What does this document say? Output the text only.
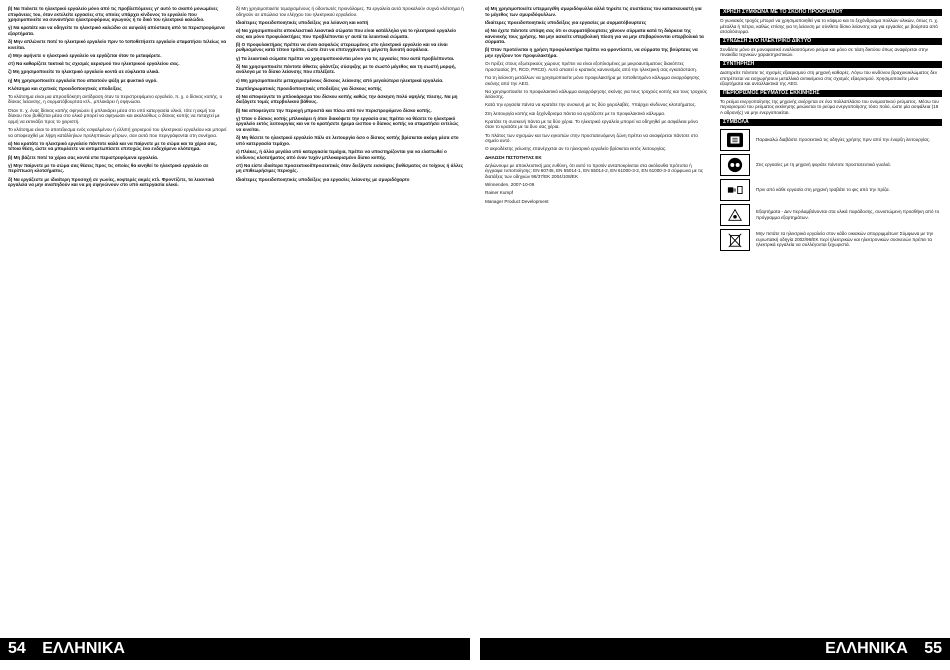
β) Να πιάνετε το ηλεκτρικό εργαλείο μόνο από τις προβλεπόμενες γι' αυτό το σκοπό μονωμένες επιφάνειες του, όταν εκτελείτε εργασίες στις οποίες υπάρχει κίνδυνος το εργαλείο που χρησιμοποιείτε να συναντήσει ηλεκτροφόρους αγωγούς ή το δικό του ηλεκτρικό καλώδιο.

γ) Να κρατάτε και να οδηγείτε το ηλεκτρικό καλώδιο σε ασφαλή απόσταση από τα περιστρεφόμενα εξαρτήματα.

δ) Μην απλώνετε ποτέ το ηλεκτρικό εργαλείο πριν το τοποθετήσετε εργαλείο σταματήσει τελείως να κινείται.

ε) Μην αφήνετε ο ηλεκτρικό εργαλείο να εργάζεται όταν το μεταφέρετε.

στ) Να καθαρίζετε τακτικά τις σχισμές αερισμού του ηλεκτρικού εργαλείου σας.

ζ) Μη χρησιμοποιείτε το ηλεκτρικό εργαλείο κοντά σε εύφλεκτα υλικά.

η) Μη χρησιμοποιείτε εργαλεία που απαιτούν ψύξη με ψυκτικό υγρό.

Κλότσημα και σχετικές προειδοποιητικές υποδείξεις

Το κλότσημα είναι μια απροσδόκητη αντίδραση όταν το περιστρεφόμενο εργαλείο, π. χ. ο δίσκος κοπής, ο δίσκος λείανσης, η συρματόβουρτσα κτλ., μπλοκάρει ή σφηνώσει.

Όταν π. χ. ένας δίσκος κοπής σφηνώσει ή μπλοκάρει μέσα στο υπό κατεργασία υλικό, τότε η ακμή του δίσκου που βυθίζεται μέσα στο υλικό μπορεί να σφηνώσει και ακολούθως ο δίσκος κοπής να πεταχτεί με ορμή να εκτινάξει προς το χειριστή.

Το κλότσημα είναι το αποτέλεσμα ενός εσφαλμένου ή ελλιπή χειρισμού του ηλεκτρικού εργαλείου και μπορεί να αποφευχθεί με λήψη κατάλληλων προληπτικών μέτρων, σαν αυτά που περιγράφονται στη συνέχεια.

α) Να κρατάτε το ηλεκτρικό εργαλείο πάντοτε καλά και να παίρνετε με το σώμα και τα χέρια σας, τέτοια θέση, ώστε να μπορέσετε να αντιμετωπίσετε επιτυχώς ένα ενδεχόμενο κλότσημα.

β) Μη βάζετε ποτέ τα χέρια σας κοντά στα περιστρεφόμενα εργαλεία.

γ) Μην παίρνετε με το σώμα σας θέσεις προς τις οποίες θα κινηθεί το ηλεκτρικό εργαλείο σε περίπτωση κλοτσήματος.

δ) Να εργάζεστε με ιδιαίτερη προσοχή σε γωνίες, κοφτερές ακμές κτλ. Φροντίζετε, τα λειαντικά εργαλεία να μην αναπηδούν και να μη σφηνώνουν στο υπό κατεργασία υλικό.

δ) Μη χρησιμοποιείτε τεμαχισμένους ή οδοντωτές πριονόλαμες. Τα εργαλεία αυτά προκαλούν συχνά κλότσημα ή οδηγούν σε απώλεια του ελέγχου του ηλεκτρικού εργαλείου.

Ιδιαίτερες προειδοποιητικές υποδείξεις για λείανση και κοπή

α) Να χρησιμοποιείτε αποκλειστικά λειαντικά σώματα που είναι κατάλληλα για το ηλεκτρικό εργαλείο σας και μόνο προφυλακτήρες που προβλέπονται γι' αυτά τα λειαντικά σώματα.

β) Ο προφυλακτήρας πρέπει να είναι ασφαλώς στερεωμένος στο ηλεκτρικό εργαλείο και να είναι ρυθμισμένος κατά τέτοιο τρόπο, ώστε έτσι να επιτυγχάνεται η μέγιστη δυνατή ασφάλεια.

γ) Τα λειαντικά σώματα πρέπει να χρησιμοποιούνται μόνο για τις εργασίες που αυτά προβλέπονται.

δ) Να χρησιμοποιείτε πάντοτε άθικτες φλάντζες σύσφιξης με το σωστό μέγεθος και τη σωστή μορφή, ανάλογα με το δίσκο λείανσης που επιλέξατε.

ε) Μη χρησιμοποιείτε μεταχειρισμένους δίσκους λείανσης από μεγαλύτερα ηλεκτρικά εργαλεία.

Συμπληρωματικές προειδοποιητικές υποδείξεις για δίσκους κοπής

α) Να αποφεύγετε το μπλοκάρισμα του δίσκου κοπής καθώς την άσκηση πολύ υψηλής πίεσης. Να μη διεξάγετε τομές υπερβολικού βάθους.

β) Να αποφεύγετε την περιοχή μπροστά και πίσω από τον περιστρεφόμενο δίσκο κοπής.

γ) Όταν ο δίσκος κοπής μπλοκάρει ή όταν διακόψετε την εργασία σας πρέπει να θέσετε το ηλεκτρικό εργαλείο εκτός λειτουργίας και να το κρατήσετε ήρεμα ώσπου ο δίσκος κοπής να σταματήσει εντελώς να κινείται.

δ) Μη θέσετε το ηλεκτρικό εργαλείο πάλι σε λειτουργία όσο ο δίσκος κοπής βρίσκεται ακόμη μέσα στο υπό κατεργασία τεμάχιο.

ε) Πλάκες, ή άλλα μεγάλα υπό κατεργασία τεμάχια, πρέπει να υποστηρίζονται για να ελαττωθεί ο κίνδυνος κλοτσήματος από έναν τυχόν μπλοκαρισμένο δίσκο κοπής.

στ) Να είστε ιδιαίτερα προσεκτικοί/προσεκτικές όταν διεξάγετε εισκόψεις βυθίσματος σε τοίχους ή άλλες μη επιθεωρήσιμες περιοχές.

Ιδιαίτερες προειδοποιητικές υποδείξεις για εργασίες λείανσης με σμυριδόχαρτο

54 ΕΛΛΗΝΙΚΑ

α) Μη χρησιμοποιείτε υπερμεγέθη σμυριδόφυλλα αλλά τηρείτε τις συστάσεις του κατασκευαστή για το μέγεθος των σμυριδόφυλλων.

Ιδιαίτερες προειδοποιητικές υποδείξεις για εργασίες με συρματόβουρτσες

α) Να έχετε πάντοτε υπόψη σας ότι οι συρματόβουρτσες χάνουν σύρματα κατά τη διάρκεια της κανονικής τους χρήσης. Να μην ασκείτε υπερβολική πίεση για να μην επιβαρύνονται υπερβολικά τα σύρματα.

β) Όταν προτείνεται η χρήση προφυλακτήρα πρέπει να φροντίσετε, να σύρματα της βούρτσας να μην εγγίζουν τον προφυλακτήρα.

Οι πρίζες στους εξωτερικούς χώρους πρέπει να είναι εξοπλισμένες με μικροαυτόματους διακόπτες προστασίας (FI, RCD, PRCD). Αυτό απαιτεί ο κρατικός κανονισμός από την ηλεκτρική σας εγκατάσταση.

Για τη λείανση μετάλλων να χρησιμοποιείτε μόνο προφυλακτήρα με τοποθετημένο κάλυμμα αναρρόφησης σκόνης από την AEG.

Να χρησιμοποιείτε το προφυλακτικό κάλυμμα αναρρόφησης σκόνης για τους τροχούς κοπής και τους τροχούς λείανσης.

Κατά την εργασία πάντα να κρατάτε την συσκευή με τις δύο χειρολαβές. Υπάρχει κίνδυνος κλοτσήματος.

Στη λειτουργία κοπής και ξεχόνδρισμα πάντα να εργάζεστε με το προφυλακτικό κάλυμμα.

Κρατάτε τη συσκευή πάντα με τα δύο χέρια. Το ηλεκτρικό εργαλείο μπορεί να οδηγηθεί με ασφάλεια μόνο όταν το κρατάτε με τα δυο σας χέρια.

Το πλάτος των σχισμών και των εγκοπών στην προστατευόμενη ζώνη πρέπει να αναφέρεται πάντοτε στο σημείο αυτό.

Ο ακροδέκτης γείωσης επανέρχεται αν το ηλεκτρικό εργαλείο βρίσκεται εκτός λειτουργίας.

ΔΗΛΩΣΗ ΠΙΣΤΟΤΗΤΑΣ ΕΚ

Δηλώνουμε με αποκλειστική μας ευθύνη, ότι αυτό το προϊόν ανταποκρίνεται στα ακόλουθα πρότυπα ή έγγραφα τυποποίησης: EN 60745, EN 55014-1, EN 55014-2, EN 61000-3-2, EN 61000-3-3 σύμφωνα με τις διατάξεις των οδηγιών 98/37/ΕΚ 2004/108/ΕΚ

Winnenden, 2007-10-09

Rainer Kumpf

Manager Product Development

ΧΡΗΣΗ ΣΥΜΦΩΝΑ ΜΕ ΤΟ ΣΚΟΠΟ ΠΡΟΟΡΙΣΜΟΥ

Ο γωνιακός τροχός μπορεί να χρησιμοποιηθεί για το κόψιμο και το ξεχόνδρισμα πολλών υλικών, όπως π. χ. μέταλλα ή πέτρα, καθώς επίσης για τη λείανση με σύνθετο δίσκο λείανσης και για εργασίες με βούρτσα από ατσαλόσυρμα.

ΣΥΝΔΕΣΗ ΣΤΟ ΗΛΕΚΤΡΙΚΟ ΔΙΚΤΥΟ

Συνδέετε μόνο σε μονοφασικό εναλλασσόμενο ρεύμα και μόνο σε τάση δικτύου όπως αναφέρεται στην πινακίδα τεχνικών χαρακτηριστικών.

ΣΥΝΤΗΡΗΣΗ

Διατηρείτε πάντοτε τις σχισμές εξαερισμού στη μηχανή καθαρές. Λόγω του κινδύνου βραχυκυκλώματος δεν επιτρέπεται να εισχωρήσουν μεταλλικά αντικείμενα στις σχισμές εξαερισμού. Χρησιμοποιείτε μόνο εξαρτήματα και ανταλλακτικά της AEG.

ΠΕΡΙΟΡΙΣΜΟΣ ΡΕΥΜΑΤΟΣ ΕΚΚΙΝΗΣΗΣ

Το ρεύμα ενεργοποίησης της μηχανής ανέρχεται σε ένα πολλαπλάσιο του ονομαστικού ρεύματος. Μέσω του περιορισμού του ρεύματος εκκίνησης μειώνεται το ρεύμα ενεργοποίησης τόσο πολύ, ώστε μία ασφάλεια (16 A αδρανής) να μην ενεργοποιείται.

ΣΥΜΒΟΛΑ
Παρακαλώ διαβάστε προσεκτικά τις οδηγίες χρήσης πριν από την έναρξη λειτουργίας.
Στις εργασίες με τη μηχανή φοράτε πάντοτε προστατευτικά γυαλιά.
Πριν από κάθε εργασία στη μηχανή τραβάτε το φις από την πρίζα.
Εξαρτήματα - Δεν περιλαμβάνονται στα υλικά παράδοσης, συνιστώμενη προσθήκη από το πρόγραμμα εξαρτημάτων.
Μην πετάτε τα ηλεκτρικά εργαλεία στον κάδο οικιακών απορριμμάτων! Σύμφωνα με την ευρωπαϊκή οδηγία 2002/96/ΕΚ περί ηλεκτρικών και ηλεκτρονικών συσκευών πρέπει τα ηλεκτρικά εργαλεία να συλλέγονται ξεχωριστά.
ΕΛΛΗΝΙΚΑ 55
